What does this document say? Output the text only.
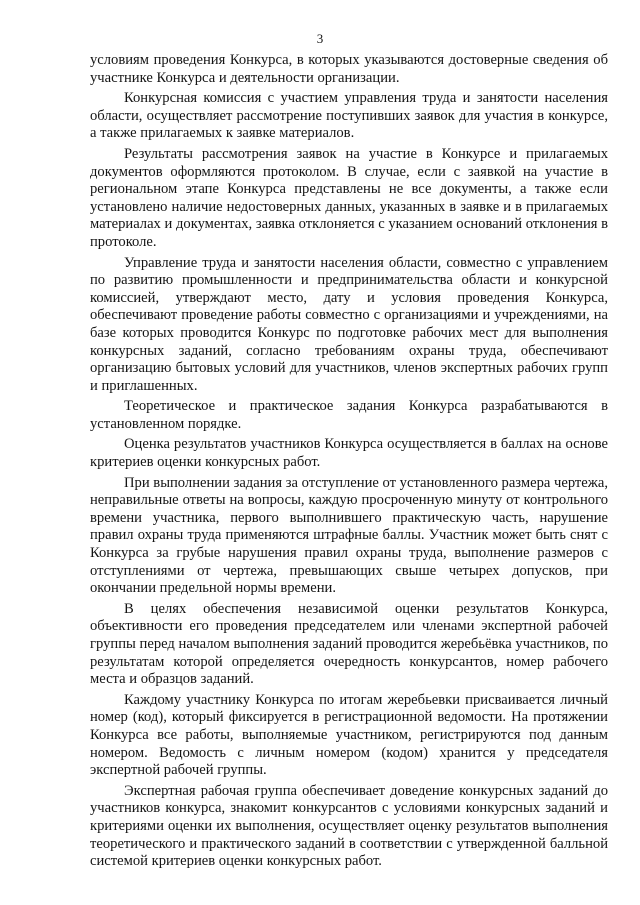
3

условиям проведения Конкурса, в которых указываются достоверные сведения об участнике Конкурса и деятельности организации.

Конкурсная комиссия с участием управления труда и занятости населения области, осуществляет рассмотрение поступивших заявок для участия в конкурсе, а также прилагаемых к заявке материалов.

Результаты рассмотрения заявок на участие в Конкурсе и прилагаемых документов оформляются протоколом. В случае, если с заявкой на участие в региональном этапе Конкурса представлены не все документы, а также если установлено наличие недостоверных данных, указанных в заявке и в прилагаемых материалах и документах, заявка отклоняется с указанием оснований отклонения в протоколе.

Управление труда и занятости населения области, совместно с управлением по развитию промышленности и предпринимательства области и конкурсной комиссией, утверждают место, дату и условия проведения Конкурса, обеспечивают проведение работы совместно с организациями и учреждениями, на базе которых проводится Конкурс по подготовке рабочих мест для выполнения конкурсных заданий, согласно требованиям охраны труда, обеспечивают организацию бытовых условий для участников, членов экспертных рабочих групп и приглашенных.

Теоретическое и практическое задания Конкурса разрабатываются в установленном порядке.

Оценка результатов участников Конкурса осуществляется в баллах на основе критериев оценки конкурсных работ.

При выполнении задания за отступление от установленного размера чертежа, неправильные ответы на вопросы, каждую просроченную минуту от контрольного времени участника, первого выполнившего практическую часть, нарушение правил охраны труда применяются штрафные баллы. Участник может быть снят с Конкурса за грубые нарушения правил охраны труда, выполнение размеров с отступлениями от чертежа, превышающих свыше четырех допусков, при окончании предельной нормы времени.

В целях обеспечения независимой оценки результатов Конкурса, объективности его проведения председателем или членами экспертной рабочей группы перед началом выполнения заданий проводится жеребьёвка участников, по результатам которой определяется очередность конкурсантов, номер рабочего места и образцов заданий.

Каждому участнику Конкурса по итогам жеребьевки присваивается личный номер (код), который фиксируется в регистрационной ведомости. На протяжении Конкурса все работы, выполняемые участником, регистрируются под данным номером. Ведомость с личным номером (кодом) хранится у председателя экспертной рабочей группы.

Экспертная рабочая группа обеспечивает доведение конкурсных заданий до участников конкурса, знакомит конкурсантов с условиями конкурсных заданий и критериями оценки их выполнения, осуществляет оценку результатов выполнения теоретического и практического заданий в соответствии с утвержденной балльной системой критериев оценки конкурсных работ.
